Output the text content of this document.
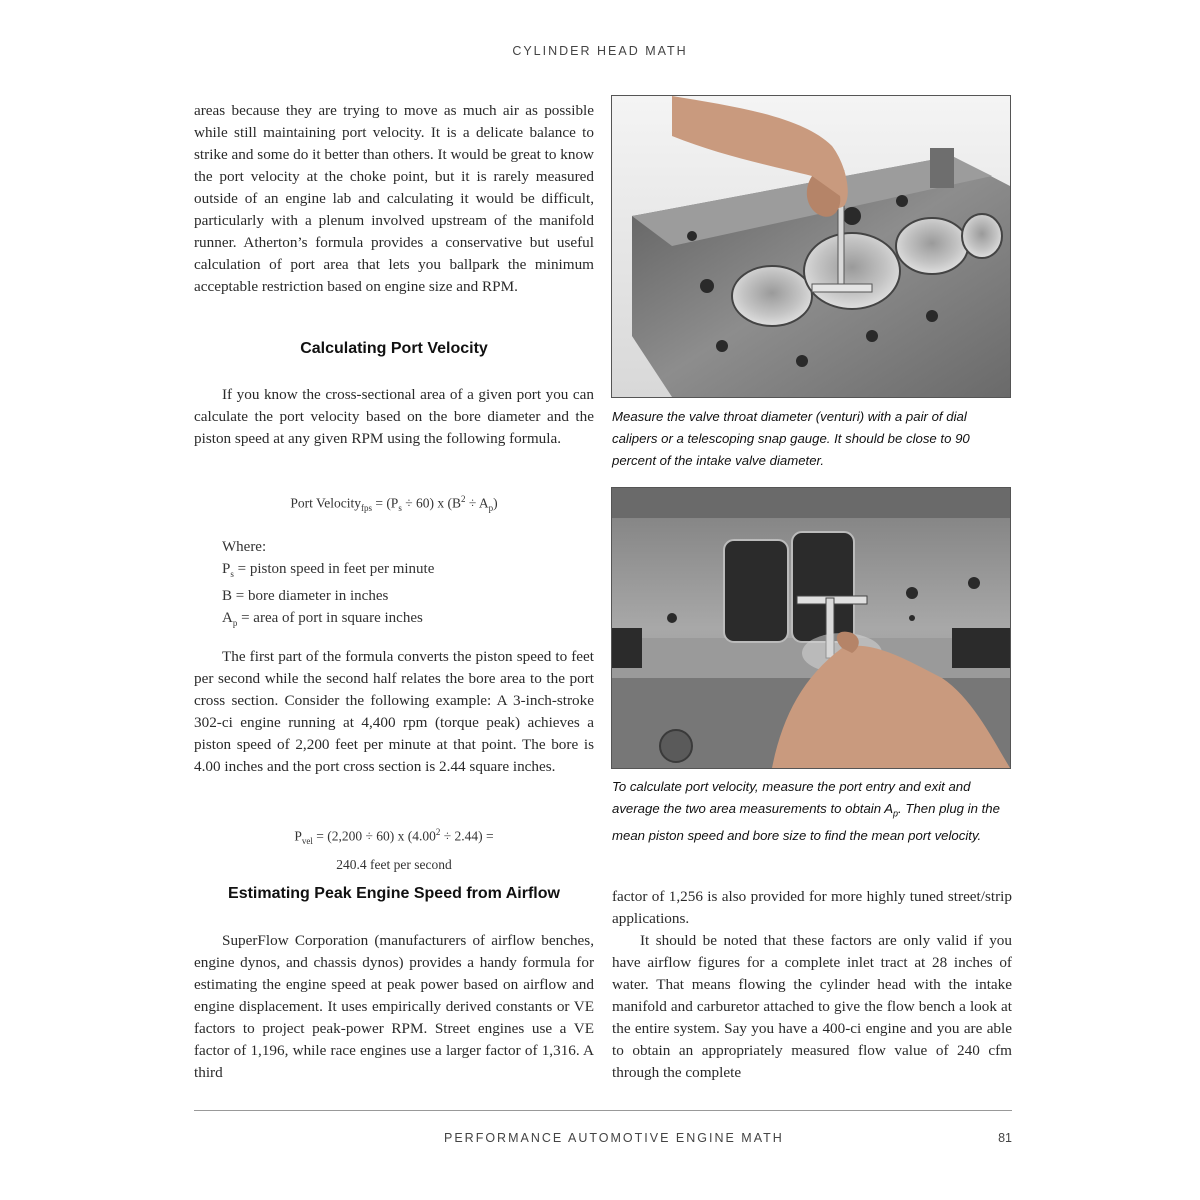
CYLINDER HEAD MATH

areas because they are trying to move as much air as possible while still maintaining port velocity. It is a delicate balance to strike and some do it better than others. It would be great to know the port velocity at the choke point, but it is rarely measured outside of an engine lab and calculating it would be difficult, particularly with a plenum involved upstream of the manifold runner. Atherton’s formula provides a conservative but useful calculation of port area that lets you ballpark the minimum acceptable restriction based on engine size and RPM.

Calculating Port Velocity

If you know the cross-sectional area of a given port you can calculate the port velocity based on the bore diameter and the piston speed at any given RPM using the following formula.

Port Velocity$_{fps}$ = $(P_s \div 60)$ x $(B^2 \div A_p)$
Where:
$P_s$ = piston speed in feet per minute
B = bore diameter in inches
$A_p$ = area of port in square inches

The first part of the formula converts the piston speed to feet per second while the second half relates the bore area to the port cross section. Consider the following example: A 3-inch-stroke 302-ci engine running at 4,400 rpm (torque peak) achieves a piston speed of 2,200 feet per minute at that point. The bore is 4.00 inches and the port cross section is 2.44 square inches.

$P_{vel} = (2,200 \div 60)$ x $(4.00^2 \div 2.44)$ =
240.4 feet per second
Estimating Peak Engine Speed from Airflow

SuperFlow Corporation (manufacturers of airflow benches, engine dynos, and chassis dynos) provides a handy formula for estimating the engine speed at peak power based on airflow and engine displacement. It uses empirically derived constants or VE factors to project peak-power RPM. Street engines use a VE factor of 1,196, while race engines use a larger factor of 1,316. A third

Measure the valve throat diameter (venturi) with a pair of dial calipers or a telescoping snap gauge. It should be close to 90 percent of the intake valve diameter.

To calculate port velocity, measure the port entry and exit and average the two area measurements to obtain $A_p$. Then plug in the mean piston speed and bore size to find the mean port velocity.

factor of 1,256 is also provided for more highly tuned street/strip applications.

It should be noted that these factors are only valid if you have airflow figures for a complete inlet tract at 28 inches of water. That means flowing the cylinder head with the intake manifold and carburetor attached to give the flow bench a look at the entire system. Say you have a 400-ci engine and you are able to obtain an appropriately measured flow value of 240 cfm through the complete

PERFORMANCE AUTOMOTIVE ENGINE MATH	81
